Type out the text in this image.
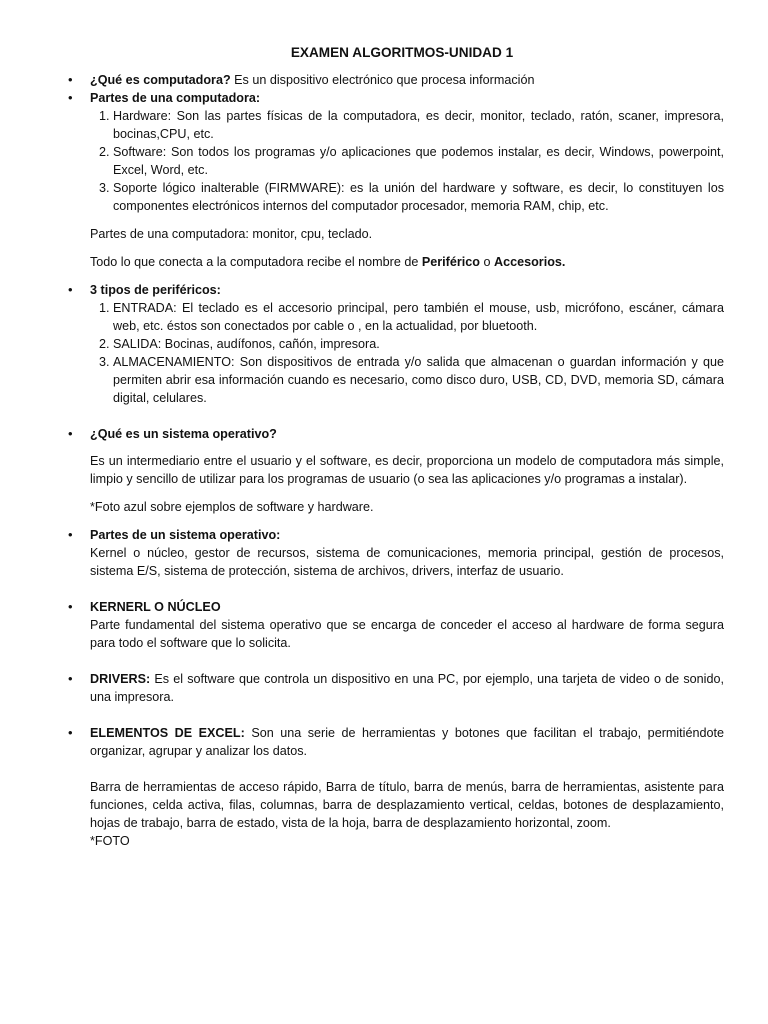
EXAMEN ALGORITMOS-UNIDAD 1
• ¿Qué es computadora? Es un dispositivo electrónico que procesa información
• Partes de una computadora:
1. Hardware: Son las partes físicas de la computadora, es decir, monitor, teclado, ratón, scaner, impresora, bocinas,CPU, etc.
2. Software: Son todos los programas y/o aplicaciones que podemos instalar, es decir, Windows, powerpoint, Excel, Word, etc.
3. Soporte lógico inalterable (FIRMWARE): es la unión del hardware y software, es decir, lo constituyen los componentes electrónicos internos del computador procesador, memoria RAM, chip, etc.
Partes de una computadora: monitor, cpu, teclado.
Todo lo que conecta a la computadora recibe el nombre de Periférico o Accesorios.
• 3 tipos de periféricos:
1. ENTRADA: El teclado es el accesorio principal, pero también el mouse, usb, micrófono, escáner, cámara web, etc. éstos son conectados por cable o , en la actualidad, por bluetooth.
2. SALIDA: Bocinas, audífonos, cañón, impresora.
3. ALMACENAMIENTO: Son dispositivos de entrada y/o salida que almacenan o guardan información y que permiten abrir esa información cuando es necesario, como disco duro, USB, CD, DVD, memoria SD, cámara digital, celulares.
• ¿Qué es un sistema operativo?
Es un intermediario entre el usuario y el software, es decir, proporciona un modelo de computadora más simple, limpio y sencillo de utilizar para los programas de usuario (o sea las aplicaciones y/o programas a instalar).
*Foto azul sobre ejemplos de software y hardware.
• Partes de un sistema operativo:
Kernel o núcleo, gestor de recursos, sistema de comunicaciones, memoria principal, gestión de procesos, sistema E/S, sistema de protección, sistema de archivos, drivers, interfaz de usuario.
• KERNERL O NÚCLEO
Parte fundamental del sistema operativo que se encarga de conceder el acceso al hardware de forma segura para todo el software que lo solicita.
• DRIVERS: Es el software que controla un dispositivo en una PC, por ejemplo, una tarjeta de video o de sonido, una impresora.
• ELEMENTOS DE EXCEL: Son una serie de herramientas y botones que facilitan el trabajo, permitiéndote organizar, agrupar y analizar los datos.
Barra de herramientas de acceso rápido, Barra de título, barra de menús, barra de herramientas, asistente para funciones, celda activa, filas, columnas, barra de desplazamiento vertical, celdas, botones de desplazamiento, hojas de trabajo, barra de estado, vista de la hoja, barra de desplazamiento horizontal, zoom.
*FOTO
